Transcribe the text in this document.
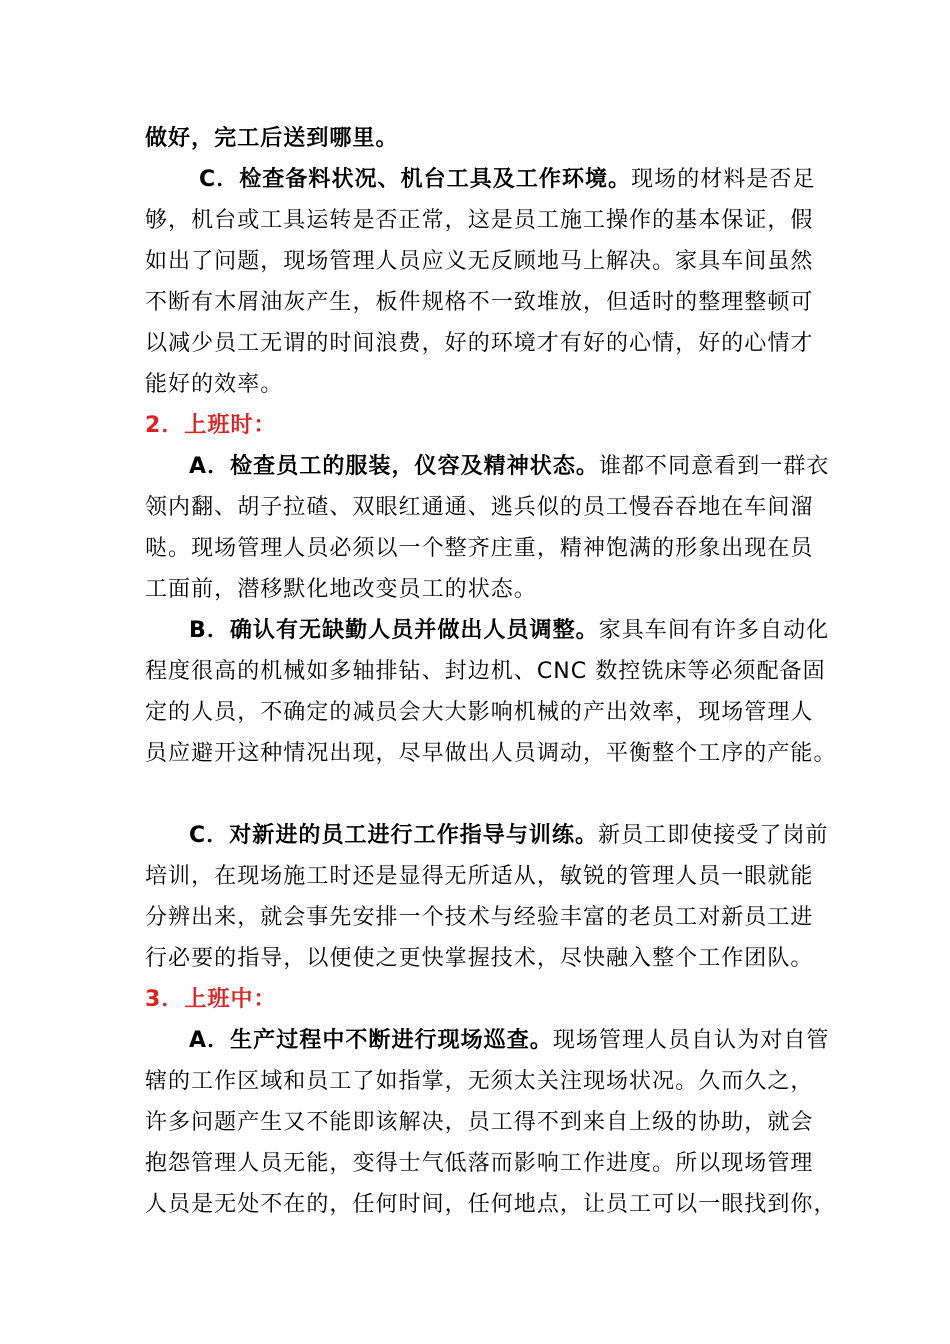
做好，完工后送到哪里。
C．检查备料状况、机台工具及工作环境。现场的材料是否足
够，机台或工具运转是否正常，这是员工施工操作的基本保证，假
如出了问题，现场管理人员应义无反顾地马上解决。家具车间虽然
不断有木屑油灰产生，板件规格不一致堆放，但适时的整理整顿可
以减少员工无谓的时间浪费，好的环境才有好的心情，好的心情才
能好的效率。
2．上班时：
A．检查员工的服装，仪容及精神状态。谁都不同意看到一群衣
领内翻、胡子拉碴、双眼红通通、逃兵似的员工慢吞吞地在车间溜
哒。现场管理人员必须以一个整齐庄重，精神饱满的形象出现在员
工面前，潜移默化地改变员工的状态。
B．确认有无缺勤人员并做出人员调整。家具车间有许多自动化
程度很高的机械如多轴排钻、封边机、CNC 数控铣床等必须配备固
定的人员，不确定的减员会大大影响机械的产出效率，现场管理人
员应避开这种情况出现，尽早做出人员调动，平衡整个工序的产能。
C．对新进的员工进行工作指导与训练。新员工即使接受了岗前
培训，在现场施工时还是显得无所适从，敏锐的管理人员一眼就能
分辨出来，就会事先安排一个技术与经验丰富的老员工对新员工进
行必要的指导，以便使之更快掌握技术，尽快融入整个工作团队。
3．上班中：
A．生产过程中不断进行现场巡查。现场管理人员自认为对自管
辖的工作区域和员工了如指掌，无须太关注现场状况。久而久之，
许多问题产生又不能即该解决，员工得不到来自上级的协助，就会
抱怨管理人员无能，变得士气低落而影响工作进度。所以现场管理
人员是无处不在的，任何时间，任何地点，让员工可以一眼找到你，
